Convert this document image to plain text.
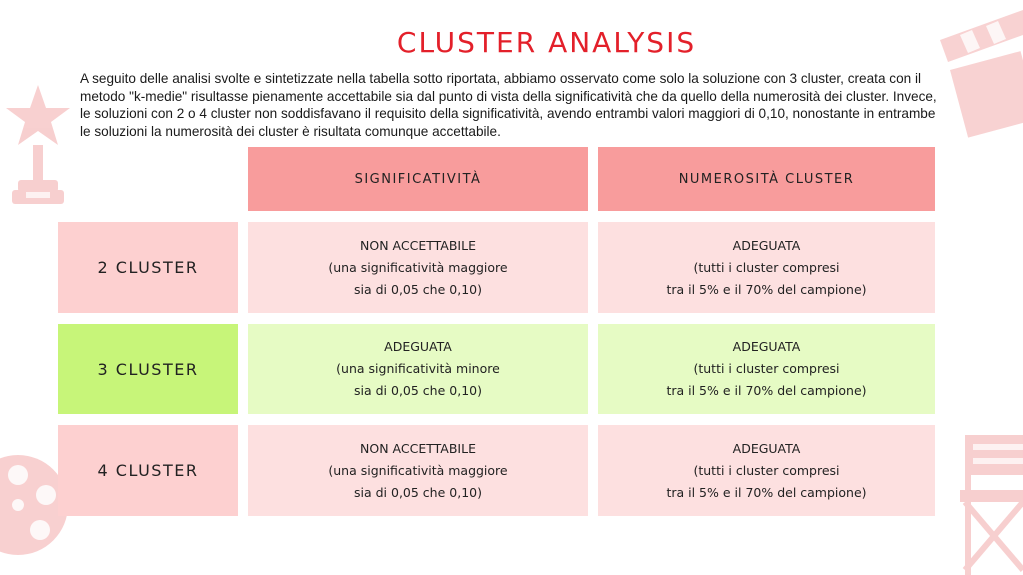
CLUSTER ANALYSIS

A seguito delle analisi svolte e sintetizzate nella tabella sotto riportata, abbiamo osservato come solo la soluzione con 3 cluster, creata con il metodo "k-medie" risultasse pienamente accettabile sia dal punto di vista della significatività che da quello della numerosità dei cluster. Invece, le soluzioni con 2 o 4 cluster non soddisfavano il requisito della significatività, avendo entrambi valori maggiori di 0,10, nonostante in entrambe le soluzioni la numerosità dei cluster è risultata comunque accettabile.

SIGNIFICATIVITÀ	NUMEROSITÀ CLUSTER
2 CLUSTER
NON ACCETTABILE
(una significatività maggiore
sia di 0,05 che 0,10)
ADEGUATA
(tutti i cluster compresi
tra il 5% e il 70% del campione)
3 CLUSTER
ADEGUATA
(una significatività minore
sia di 0,05 che 0,10)
ADEGUATA
(tutti i cluster compresi
tra il 5% e il 70% del campione)
4 CLUSTER
NON ACCETTABILE
(una significatività maggiore
sia di 0,05 che 0,10)
ADEGUATA
(tutti i cluster compresi
tra il 5% e il 70% del campione)
